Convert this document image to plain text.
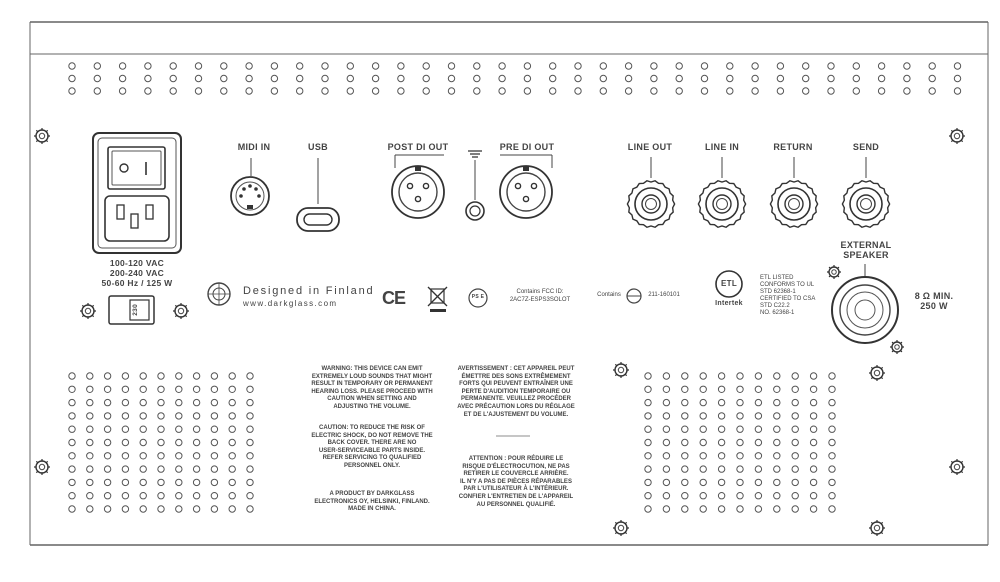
100-120 VAC
200-240 VAC
50-60 Hz / 125 W
230
MIDI IN	USB	POST DI OUT	PRE DI OUT	LINE OUT	LINE IN	RETURN	SEND
EXTERNAL
SPEAKER
8 Ω MIN.
250 W
Designed in Finland
www.darkglass.com CE	PS E
Contains FCC ID:
2AC7Z-ESPS3SOLOT
Contains	211-160101
ETL
Intertek
ETL LISTED
CONFORMS TO UL
STD 62368-1
CERTIFIED TO CSA
STD C22.2
NO. 62368-1
WARNING: THIS DEVICE CAN EMIT
EXTREMELY LOUD SOUNDS THAT MIGHT
RESULT IN TEMPORARY OR PERMANENT
HEARING LOSS. PLEASE PROCEED WITH
CAUTION WHEN SETTING AND
ADJUSTING THE VOLUME.
CAUTION: TO REDUCE THE RISK OF
ELECTRIC SHOCK, DO NOT REMOVE THE
BACK COVER. THERE ARE NO
USER-SERVICEABLE PARTS INSIDE.
REFER SERVICING TO QUALIFIED
PERSONNEL ONLY.
A PRODUCT BY DARKGLASS
ELECTRONICS OY, HELSINKI, FINLAND.
MADE IN CHINA.
AVERTISSEMENT : CET APPAREIL PEUT
ÉMETTRE DES SONS EXTRÊMEMENT
FORTS QUI PEUVENT ENTRAÎNER UNE
PERTE D'AUDITION TEMPORAIRE OU
PERMANENTE. VEUILLEZ PROCÉDER
AVEC PRÉCAUTION LORS DU RÉGLAGE
ET DE L'AJUSTEMENT DU VOLUME.
ATTENTION : POUR RÉDUIRE LE
RISQUE D'ÉLECTROCUTION, NE PAS
RETIRER LE COUVERCLE ARRIÈRE.
IL N'Y A PAS DE PIÈCES RÉPARABLES
PAR L'UTILISATEUR À L'INTÉRIEUR.
CONFIER L'ENTRETIEN DE L'APPAREIL
AU PERSONNEL QUALIFIÉ.
